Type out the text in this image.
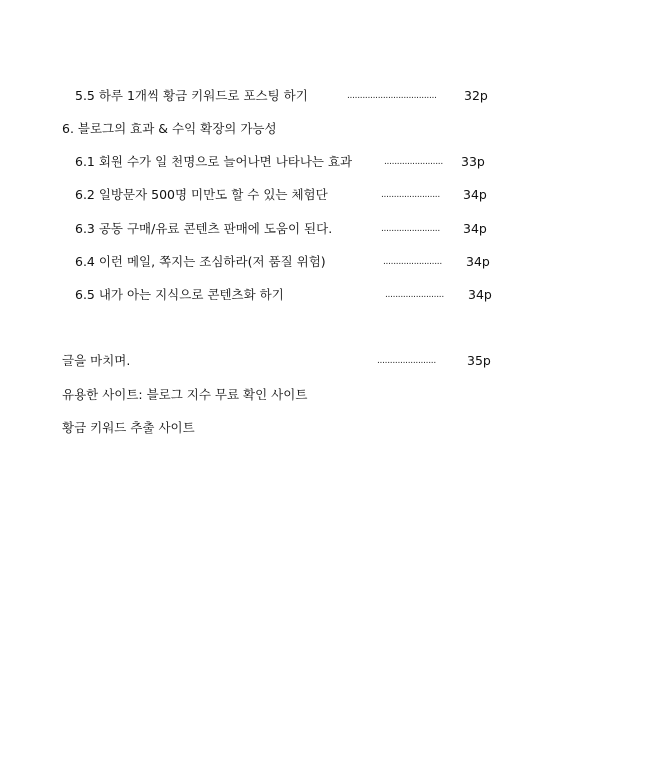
5.5 하루 1개씩 황금 키워드로 포스팅 하기	................................... 32p
6. 블로그의 효과 & 수익 확장의 가능성
6.1 회원 수가 일 천명으로 늘어나면 나타나는 효과	....................... 33p
6.2 일방문자 500명 미만도 할 수 있는 체험단	....................... 34p
6.3 공동 구매/유료 콘텐츠 판매에 도움이 된다.	....................... 34p
6.4 이런 메일, 쪽지는 조심하라(저 품질 위험)	....................... 34p
6.5 내가 아는 지식으로 콘텐츠화 하기	....................... 34p
글을 마치며.	....................... 35p
유용한 사이트: 블로그 지수 무료 확인 사이트
황금 키워드 추출 사이트
